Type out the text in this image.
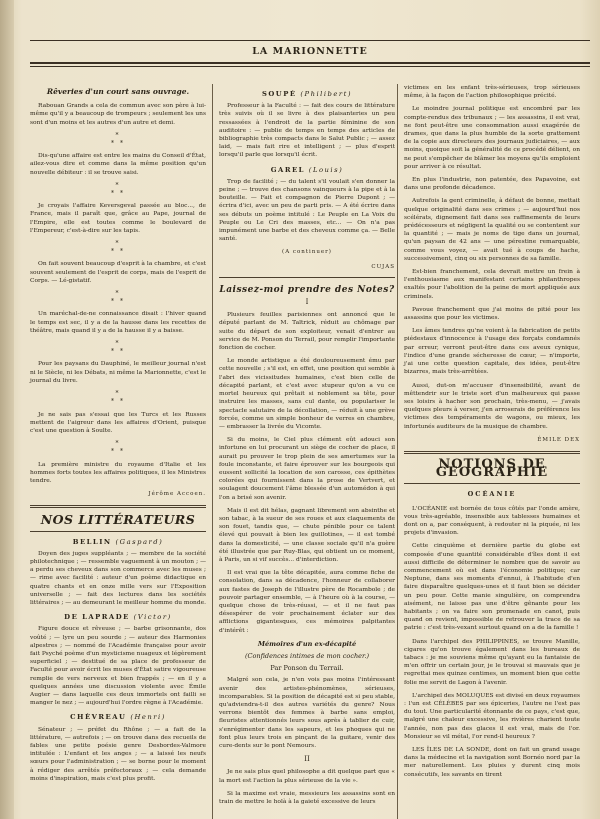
LA MARIONNETTE
Rêveries d'un court sans ouvrage.
Rabouan Grands a cela de commun avec son père à lui-même qu'il y a beaucoup de trompeurs ; seulement les uns sont d'un moins et les autres d'un autre et demi.
*
* *
Dis-qu'une affaire est entre les mains du Conseil d'État, ailez-vous dire et comme dans la même position qu'un nouvelle débiteur : il se trouve saisi.
*
* *
Je croyais l'affaire Keversgeval passée au bloc..., de France, mais il paraît que, grâce au Pape, journal de l'Empire, elle est toutes comme le boulevard de l'Empereur, c'est-à-dire sur les tapis.
*
* *
On fait souvent beaucoup d'esprit à la chambre, et c'est souvent seulement de l'esprit de corps, mais de l'esprit de Corps. — Lé-gistatif.
*
* *
Un maréchal-de-ne connaissance disait : l'hiver quand le temps est sec, il y a de la hausse dans les recettes de théâtre, mais quand il y a de la hausse il y a baisse.
*
* *
Pour les paysans du Dauphiné, le meilleur journal n'est ni le Siècle, ni les Débats, ni même la Marionnette, c'est le journal du livre.
*
* *
Je ne sais pas s'essai que les Turcs et les Russes mettent de l'aigreur dans les affaires d'Orient, puisque c'est une question à Soulte.
*
* *
La première ministre du royaume d'Italie et les hommes forts toutes les affaires politiques, il les Ministres tendre.
Jérôme Accoen.
NOS LITTÉRATEURS
BELLIN (Gaspard)
Doyen des juges suppléants ; — membre de la société philotechnique ; — ressemble vaguement à un mouton ; — a perdu ses cheveux dans son commerce avec les muses ; — rime avec facilité : auteur d'un poème didactique en quatre chants et en onze mille vers sur l'Exposition universelle ; — fait des lectures dans les sociétés littéraires ; — au demeurant le meilleur homme du monde.
DE LAPRADE (Victor)
Figure douce et rêveuse ; — barbe grisonnante, dos voûté ; — lyre un peu sourde ; — auteur des Harmonies alpestres ; — nommé de l'Académie française pour avoir fait Psyché poème d'un mysticisme nuageux et légèrement superficiel ; — destitué de sa place de professeur de Faculté pour avoir écrit les muses d'État satire vigoureuse remplie de vers nerveux et bien frappés ; — en il y a quelques années une discussion violente avec Émile Augier — dans laquelle ces deux immortels ont failli se manger le nez ; — aujourd'hui l'ordre règne à l'Académie.
CHÈVREAU (Henri)
Sénateur ; — préfet du Rhône ; — a fait de la littérature, — autrefois ; — on trouve dans des recueils de fables une petite poésie genre Desbordes-Valmore intitulée : L'enfant et les anges ; — a laissé les neufs sœurs pour l'administration ; — se borne pour le moment à rédiger des arrêtés préfectoraux ; — cela demande moins d'inspiration, mais c'est plus profit.
SOUPÉ (Philibert)
Professeur à la Faculté : — fait des cours de littérature très suivis où il se livre à des plaisanteries un peu ressassées à l'endroit de la partie féminine de son auditoire : — publie de temps en temps des articles de bibliographie très compacts dans le Salut Public ; — assez laid, — mais fait rire et intelligent ; — plus d'esprit lorsqu'il parle que lorsqu'il écrit.
GAREL (Louis)
Trop de facilité ; — du talent s'il voulait s'en donner la peine ; — trouve des chansons vainqueurs à la pipe et à la bouteille. — Fait et compagnon de Pierre Dupont ; — écrira d'ici, avec un peu de parti pris. — A été écrire dans ses débuts un poème intitulé : Le Peuple en La Voix du Peuple ou Le Cri des masses, etc... — On n'a pas impunément une barbe et des cheveux comme ça. — Belle santé.
(A continuer)
CUJAS
Laissez-moi prendre des Notes?
I
Plusieurs feuilles parisiennes ont annoncé que le député parlant de M. Taltrick, réduit au chômage par suite du départ de son exploiteur, venait d'entrer au service de M. Ponson du Terrail, pour remplir l'importante fonction de cocher.
Le monde artistique a été douloureusement ému par cette nouvelle ; s'il est, en effet, une position qui semble à l'abri des vicissitudes humaines, c'est bien celle de décapité parlant, et c'est avec stupeur qu'on a vu ce mortel heureux qui prêtait si noblement sa tête, pour instruire les masses, sans cul dante, ou populariser le spectacle salutaire de la décollation, — réduit à une grève forcée, comme un simple bonheur de verres en chambre, — embrasser la livrée du Vicomte.
Si du moins, le Ciel plus clément eût adouci son infortune en lui procurant un siège de cocher de place, il aurait pu prouver le trop plein de ses amertumes sur la foule inconstante, et faire éprouver sur les bourgeois qui eussent sollicité la location de son carosse, ces épithètes colorées qui fournissent dans la prose de Vertvert, et soulagent doucement l'âme blessée d'un automédon à qui l'on a brisé son avenir.
Mais il est dit hélas, gagnant librement son absinthe et son tabac, à la sueur de ses roues et aux claquements de son fouet, tandis que, — chute pénible pour ce talent élevé qui pouvait à bien les guillotines, — il est tombé dans la domesticité, — une classe sociale qu'il n'a guère été illustrée que par Ruy-Blas, qui obtient un ce moment, à Paris, un si vif succès... d'interdiction.
Il est vrai que la tête décapitée, aura comme fiche de consolation, dans sa décadence, l'honneur de collaborer aux fastes de Joseph de l'illustre père de Rocambole ; de pouvoir partager ensemble, — à l'heure où à la course, — quelque chose de très-réussi, — et il ne faut pas désespérer de voir prochainement éclater sur des afflictions gigantesques, ces mémoires palpitantes d'intérêt :
Mémoires d'un ex-décapité
(Confidences intimes de mon cocher.)
Par Ponson du Terrail.
Malgré son cela, je n'en vois pas moins l'intéressant avenir des artistes-phénomènes, sérieuses, incomparables. Si la position de décapité est si peu stable, qu'adviendra-t-il des autres variétés du genre? Nous verrons bientôt des femmes à barbe sans emploi, fleuristes attentionnés leurs sous après à tablier de cuir, s'enrégimenter dans les sapeurs, et les phoques qui ne font plus leurs trois en pinçant de la guitare, venir des cure-dents sur le pont Nemours.
II
Je ne sais plus quel philosophe a dit quelque part que « la mort est l'action la plus sérieuse de la vie ».
Si la maxime est vraie, messieurs les assassins sont en train de mettre le holà à la gaieté excessive de leurs
victimes en les enfant très-sérieuses, trop sérieuses même, à la façon de l'action philosophique précité.
Le moindre journal politique est encombré par les compte-rendus des tribunaux ; — les assassins, il est vrai, ne font peut-être une consommation aussi exagérée de drames, que dans la plus humble de la sorte grattement de la copie aux directeurs des journaux judiciaires, — aux moins, quoique soit la généralité de ce procédé délient, on ne peut s'empêcher de blâmer les moyens qu'ils emploient pour arriver à ce résultat.
En plus l'industrie, non patentée, des Papavoine, est dans une profonde décadence.
Autrefois la gent criminelle, à défaut de bonne, mettait quelque originalité dans ses crimes ; — aujourd'hui nos scélérats, dignement fait dans ses raffinements de leurs prédécesseurs et négligent la qualité ou se contentent sur la quantité ; — mais je noms de tige dans un journal, qu'un paysan de 42 ans — une pérestine remarquable, comme vous voyez, — avait tué à coups de hache, successivement, cinq ou six personnes de sa famille.
Est-bien franchement, cela devrait mettre un frein à l'enthousiasme aux manifestant certains philanthropes exaltés pour l'abolition de la peine de mort appliquée aux criminels.
Pavoue franchement que j'ai moins de pitié pour les assassins que pour les victimes.
Les âmes tendres qu'ne voient à la fabrication de petits piédestaux d'innocence à l'usage des forçats condamnés par erreur, verront peut-être dans ces aveux cynique, l'indice d'une grande sécheresse de cœur, — n'importe, j'ai une cette question capitale, des idées, peut-être bizarres, mais très-arrêtées.
Aussi, dut-on m'accuser d'insensibilité, avant de mêttendrir sur le triste sort d'un malheureux qui passe ses loisirs à hacher son prochain, très-menu, — j'avais quelques pleurs à verser, j'en arroserais de préférence les victimes des tempéraments de wagons, ou mieux, les infortunés auditeurs de la musique de chambre.
ÉMILE DEX
NOTIONS DE GÉOGRAPHIE
OCÉANIE
L'OCÉANIE est bornée de tous côtés par l'onde amère, vous très-agréable, insensible aux tablesses humaines et dont on a, par conséquent, à redouter ni la piquée, ni les projets d'invasion.
Cette cinquième et dernière partie du globe est composée d'une quantité considérable d'îles dont il est aussi difficile de déterminer le nombre que de savoir au commencement où est dans l'économie politique; car Neptune, dans ses moments d'ennui, à l'habitude d'en faire disparaître quelques-unes et il faut bien se décider un peu pour. Cette manie singulière, on comprendra aisément, ne laisse pas une d'être gênante pour les habitants ; on va faire son promenade en canot, puis quand on revient, impossible de retrouver la trace de sa patrie : c'est très-vexant surtout quand on a de la famille !
Dans l'archipel des PHILIPPINES, se trouve Manille, cigares qu'on trouve également dans les bureaux de tabacs : je me souviens même qu'ayant eu la fantaisie de m'en offrir un certain jour, je le trouvai si mauvais que je regrettai mes quinze centimes, un moment bien que cette folie me servit de Lagon à l'avenir.
L'archipel des MOLUQUES est divisé en deux royaumes : l'un est CÉLÈBES par ses épiceries, l'autre ne l'est pas du tout. Une particularité étonnante de ce pays, c'est que, malgré une chaleur excessive, les rivières charient toute l'année, non pas des glaces il est vrai, mais de l'or. Monsieur se vil métal, l'or rend-il heureux ?
LES ÎLES DE LA SONDE, dont on fait un grand usage dans la médecine et la navigation sont Bornéo nord par la mer naturellement. Les pluies y durent cinq mois consécutifs, les savants en tirent
